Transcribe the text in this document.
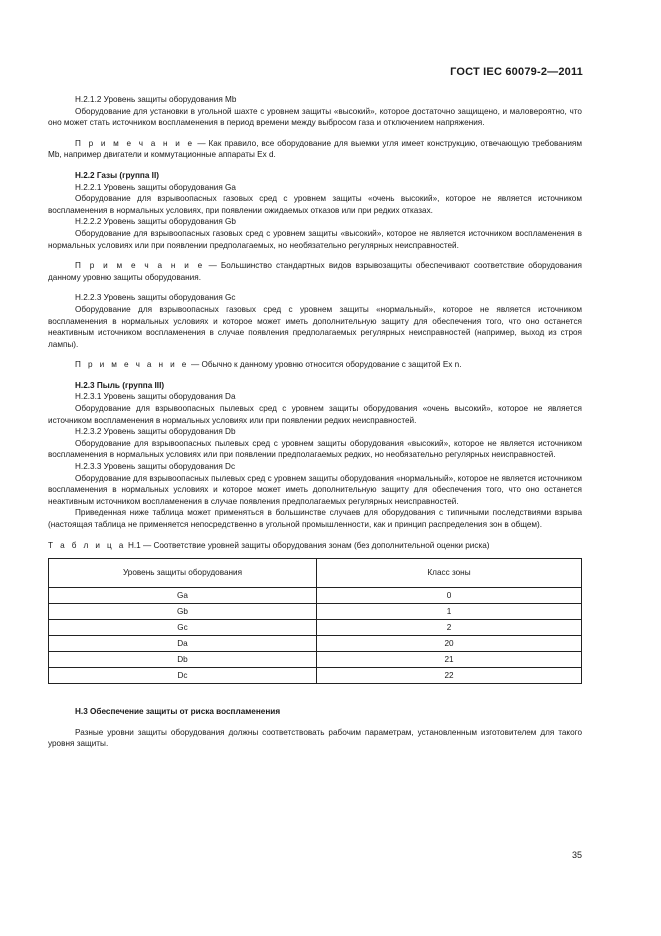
ГОСТ IEC 60079-2—2011

H.2.1.2 Уровень защиты оборудования Mb

Оборудование для установки в угольной шахте с уровнем защиты «высокий», которое достаточно защищено, и маловероятно, что оно может стать источником воспламенения в период времени между выбросом газа и отключением напряжения.

П р и м е ч а н и е — Как правило, все оборудование для выемки угля имеет конструкцию, отвечающую требованиям Mb, например двигатели и коммутационные аппараты Ex d.

H.2.2 Газы (группа II)

H.2.2.1 Уровень защиты оборудования Ga

Оборудование для взрывоопасных газовых сред с уровнем защиты «очень высокий», которое не является источником воспламенения в нормальных условиях, при появлении ожидаемых отказов или при редких отказах.

H.2.2.2 Уровень защиты оборудования Gb

Оборудование для взрывоопасных газовых сред с уровнем защиты «высокий», которое не является источником воспламенения в нормальных условиях или при появлении предполагаемых, но необязательно регулярных неисправностей.

П р и м е ч а н и е — Большинство стандартных видов взрывозащиты обеспечивают соответствие оборудования данному уровню защиты оборудования.

H.2.2.3 Уровень защиты оборудования Gc

Оборудование для взрывоопасных газовых сред с уровнем защиты «нормальный», которое не является источником воспламенения в нормальных условиях и которое может иметь дополнительную защиту для обеспечения того, что оно останется неактивным источником воспламенения в случае появления предполагаемых регулярных неисправностей (например, выход из строя лампы).

П р и м е ч а н и е — Обычно к данному уровню относится оборудование с защитой Ex n.

H.2.3 Пыль (группа III)

H.2.3.1 Уровень защиты оборудования Da

Оборудование для взрывоопасных пылевых сред с уровнем защиты оборудования «очень высокий», которое не является источником воспламенения в нормальных условиях или при появлении редких неисправностей.

H.2.3.2 Уровень защиты оборудования Db

Оборудование для взрывоопасных пылевых сред с уровнем защиты оборудования «высокий», которое не является источником воспламенения в нормальных условиях или при появлении предполагаемых редких, но необязательно регулярных неисправностей.

H.2.3.3 Уровень защиты оборудования Dc

Оборудование для взрывоопасных пылевых сред с уровнем защиты оборудования «нормальный», которое не является источником воспламенения в нормальных условиях и которое может иметь дополнительную защиту для обеспечения того, что оно останется неактивным источником воспламенения в случае появления предполагаемых регулярных неисправностей.

Приведенная ниже таблица может применяться в большинстве случаев для оборудования с типичными последствиями взрыва (настоящая таблица не применяется непосредственно в угольной промышленности, как и принцип распределения зон в общем).

Т а б л и ц а H.1 — Соответствие уровней защиты оборудования зонам (без дополнительной оценки риска)

Уровень защиты оборудования	Класс зоны
Ga	0
Gb	1
Gc	2
Da	20
Db	21
Dc	22

H.3 Обеспечение защиты от риска воспламенения

Разные уровни защиты оборудования должны соответствовать рабочим параметрам, установленным изготовителем для такого уровня защиты.

35
